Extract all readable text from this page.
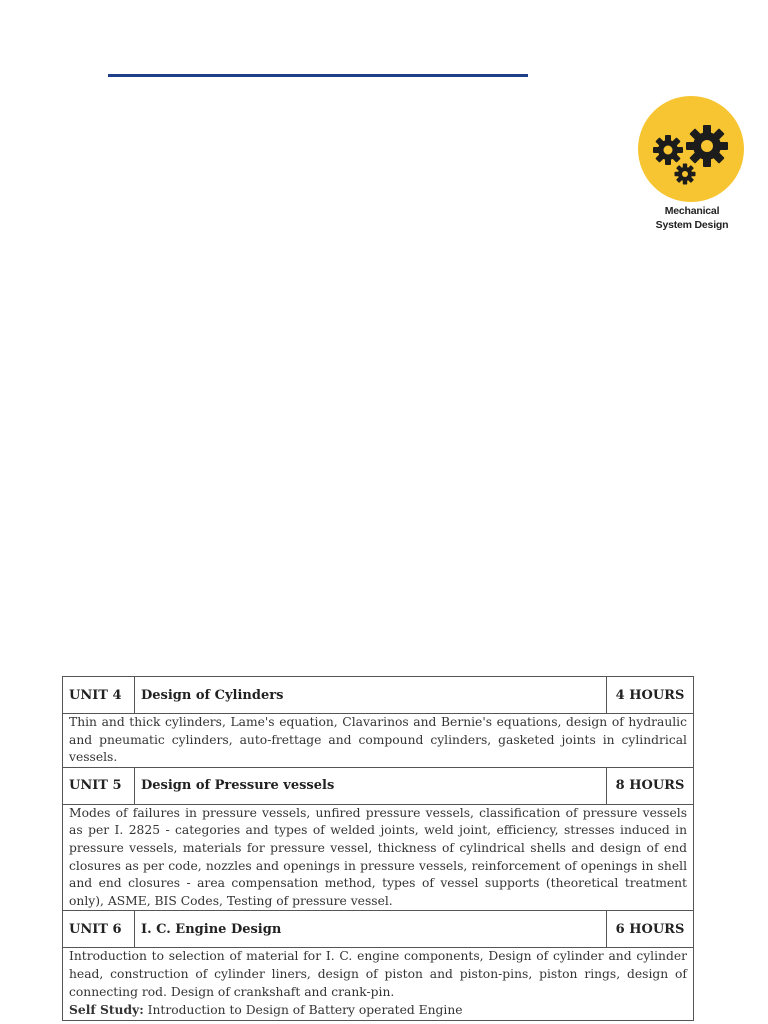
Mechanical
System Design
UNIT 4	Design of Cylinders	4 HOURS
Thin and thick cylinders, Lame's equation, Clavarinos and Bernie's equations, design of hydraulic and pneumatic cylinders, auto-frettage and compound cylinders, gasketed joints in cylindrical vessels.		
UNIT 5	Design of Pressure vessels	8 HOURS
Modes of failures in pressure vessels, unfired pressure vessels, classification of pressure vessels as per I. 2825 - categories and types of welded joints, weld joint, efficiency, stresses induced in pressure vessels, materials for pressure vessel, thickness of cylindrical shells and design of end closures as per code, nozzles and openings in pressure vessels, reinforcement of openings in shell and end closures - area compensation method, types of vessel supports (theoretical treatment only), ASME, BIS Codes, Testing of pressure vessel.		
UNIT 6	I. C. Engine Design	6 HOURS
Introduction to selection of material for I. C. engine components, Design of cylinder and cylinder head, construction of cylinder liners, design of piston and piston-pins, piston rings, design of connecting rod. Design of crankshaft and crank-pin.
Self Study: Introduction to Design of Battery operated Engine		
